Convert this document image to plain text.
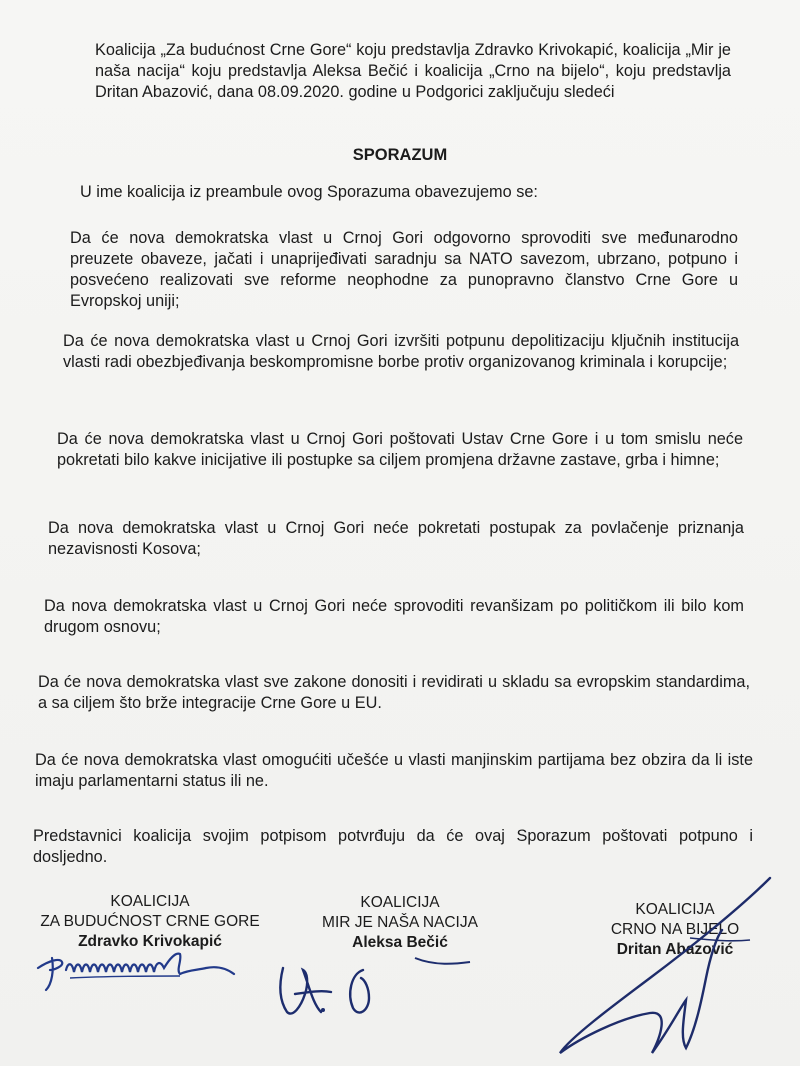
Koalicija „Za budućnost Crne Gore“ koju predstavlja Zdravko Krivokapić, koalicija „Mir je naša nacija“ koju predstavlja Aleksa Bečić i koalicija „Crno na bijelo“, koju predstavlja Dritan Abazović, dana 08.09.2020. godine u Podgorici zaključuju sledeći
SPORAZUM
U ime koalicija iz preambule ovog Sporazuma obavezujemo se:

Da će nova demokratska vlast u Crnoj Gori odgovorno sprovoditi sve međunarodno preuzete obaveze, jačati i unaprijeđivati saradnju sa NATO savezom, ubrzano, potpuno i posvećeno realizovati sve reforme neophodne za punopravno članstvo Crne Gore u Evropskoj uniji;

Da će nova demokratska vlast u Crnoj Gori izvršiti potpunu depolitizaciju ključnih institucija vlasti radi obezbjeđivanja beskompromisne borbe protiv organizovanog kriminala i korupcije;

Da će nova demokratska vlast u Crnoj Gori poštovati Ustav Crne Gore i u tom smislu neće pokretati bilo kakve inicijative ili postupke sa ciljem promjena državne zastave, grba i himne;

Da nova demokratska vlast u Crnoj Gori neće pokretati postupak za povlačenje priznanja nezavisnosti Kosova;

Da nova demokratska vlast u Crnoj Gori neće sprovoditi revanšizam po političkom ili bilo kom drugom osnovu;

Da će nova demokratska vlast sve zakone donositi i revidirati u skladu sa evropskim standardima, a sa ciljem što brže integracije Crne Gore u EU.

Da će nova demokratska vlast omogućiti učešće u vlasti manjinskim partijama bez obzira da li iste imaju parlamentarni status ili ne.

Predstavnici koalicija svojim potpisom potvrđuju da će ovaj Sporazum poštovati potpuno i dosljedno.

KOALICIJA
ZA BUDUĆNOST CRNE GORE
Zdravko Krivokapić
KOALICIJA
MIR JE NAŠA NACIJA
Aleksa Bečić
KOALICIJA
CRNO NA BIJELO
Dritan Abazović
